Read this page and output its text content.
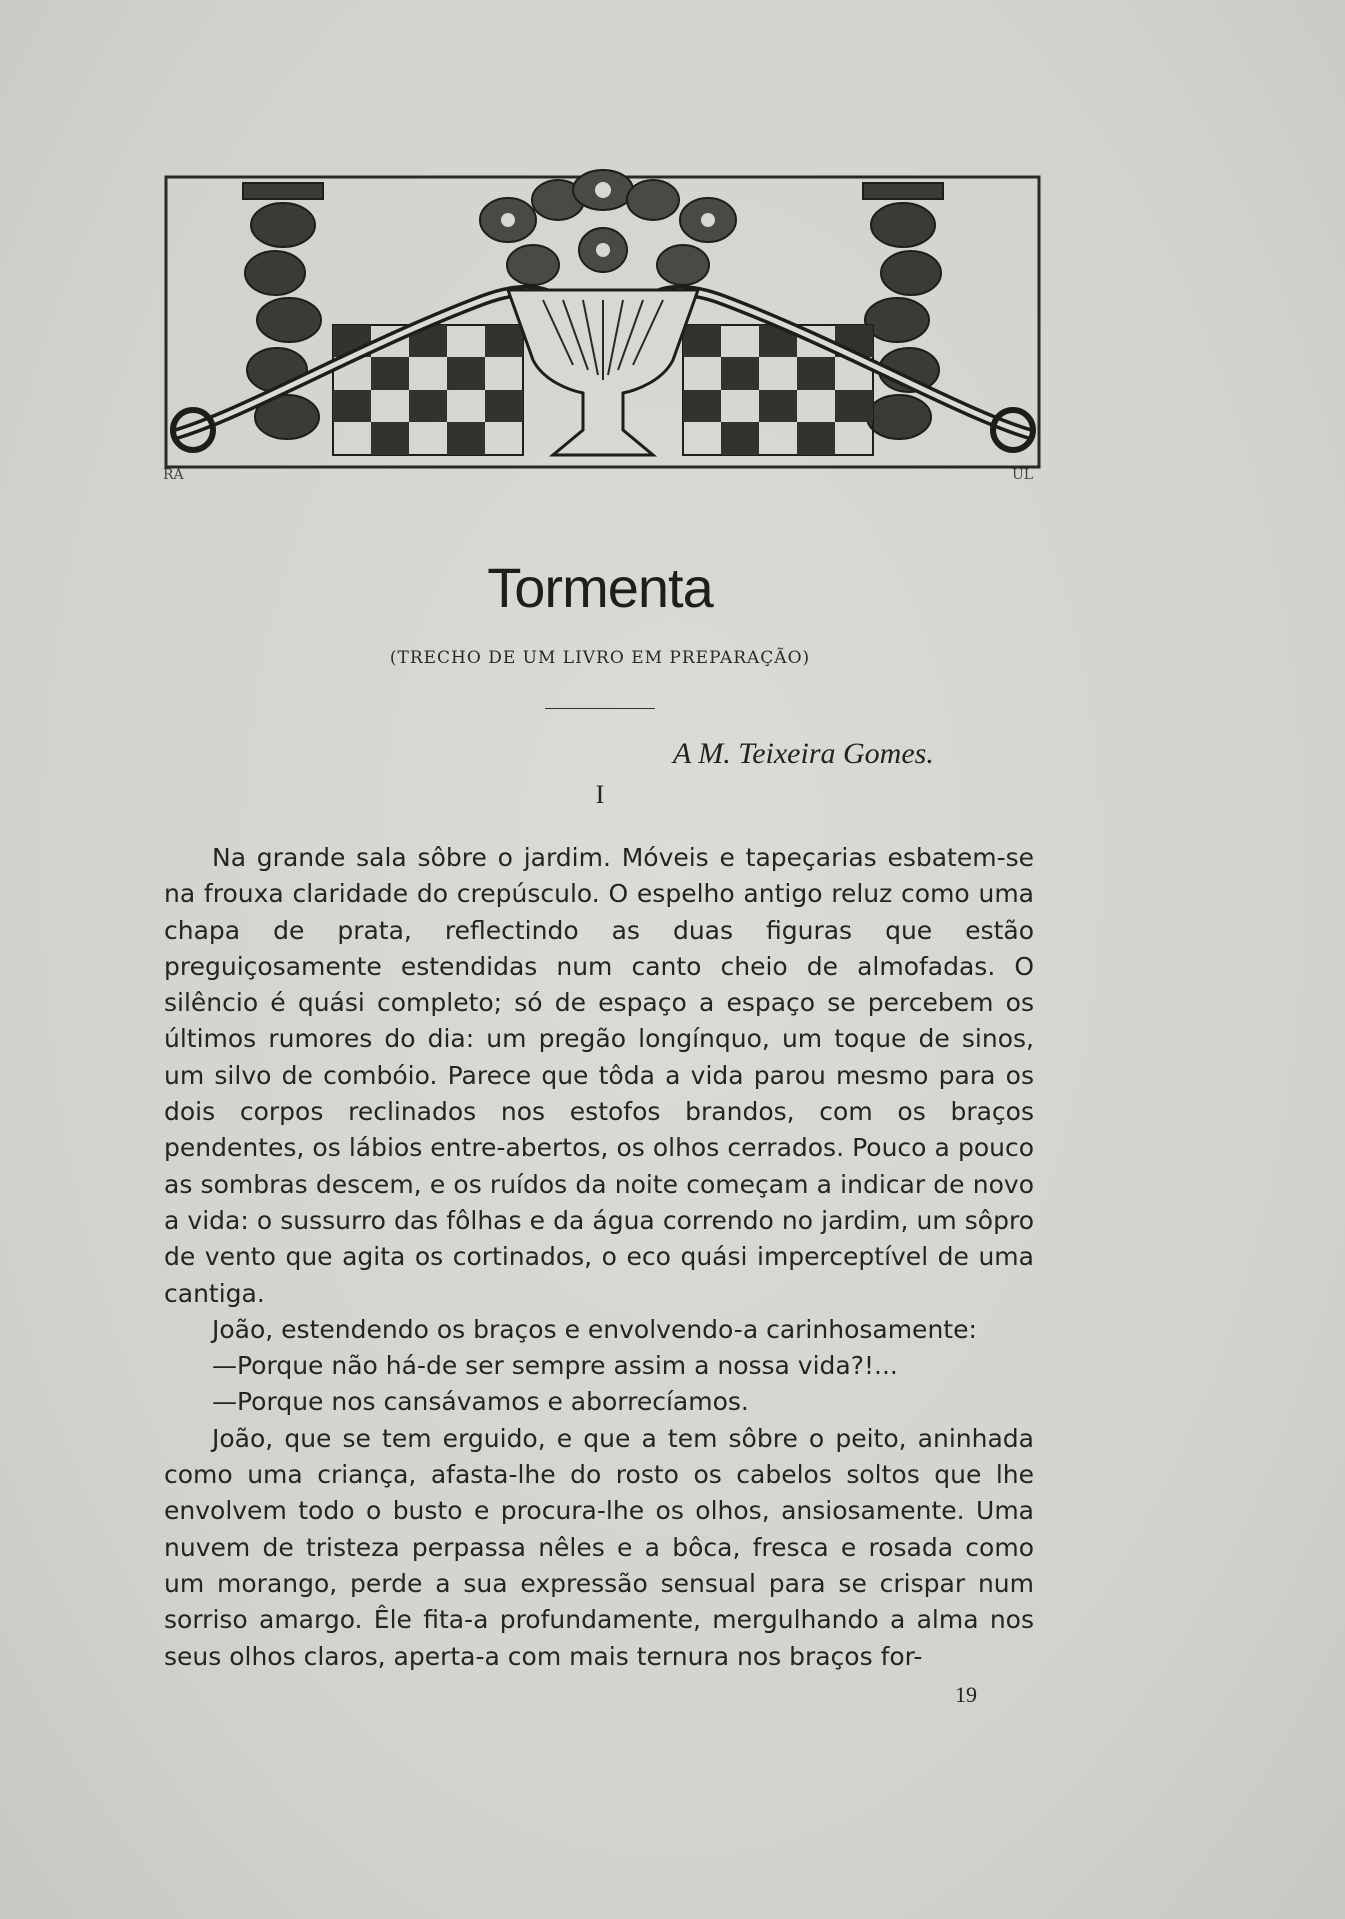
RA	UL
Tormenta
(TRECHO DE UM LIVRO EM PREPARAÇÃO)
A M. Teixeira Gomes.
I

Na grande sala sôbre o jardim. Móveis e tapeçarias esbatem-se na frouxa claridade do crepúsculo. O espelho antigo reluz como uma chapa de prata, reflectindo as duas figuras que estão preguiçosamente estendidas num canto cheio de almofadas. O silêncio é quási completo; só de espaço a espaço se percebem os últimos rumores do dia: um pregão longínquo, um toque de sinos, um silvo de combóio. Parece que tôda a vida parou mesmo para os dois corpos reclinados nos estofos brandos, com os braços pendentes, os lábios entre-abertos, os olhos cerrados. Pouco a pouco as sombras descem, e os ruídos da noite começam a indicar de novo a vida: o sussurro das fôlhas e da água correndo no jardim, um sôpro de vento que agita os cortinados, o eco quási imperceptível de uma cantiga.

João, estendendo os braços e envolvendo-a carinhosamente:

—Porque não há-de ser sempre assim a nossa vida?!...

—Porque nos cansávamos e aborrecíamos.

João, que se tem erguido, e que a tem sôbre o peito, aninhada como uma criança, afasta-lhe do rosto os cabelos soltos que lhe envolvem todo o busto e procura-lhe os olhos, ansiosamente. Uma nuvem de tristeza perpassa nêles e a bôca, fresca e rosada como um morango, perde a sua expressão sensual para se crispar num sorriso amargo. Êle fita-a profundamente, mergulhando a alma nos seus olhos claros, aperta-a com mais ternura nos braços for-

19
